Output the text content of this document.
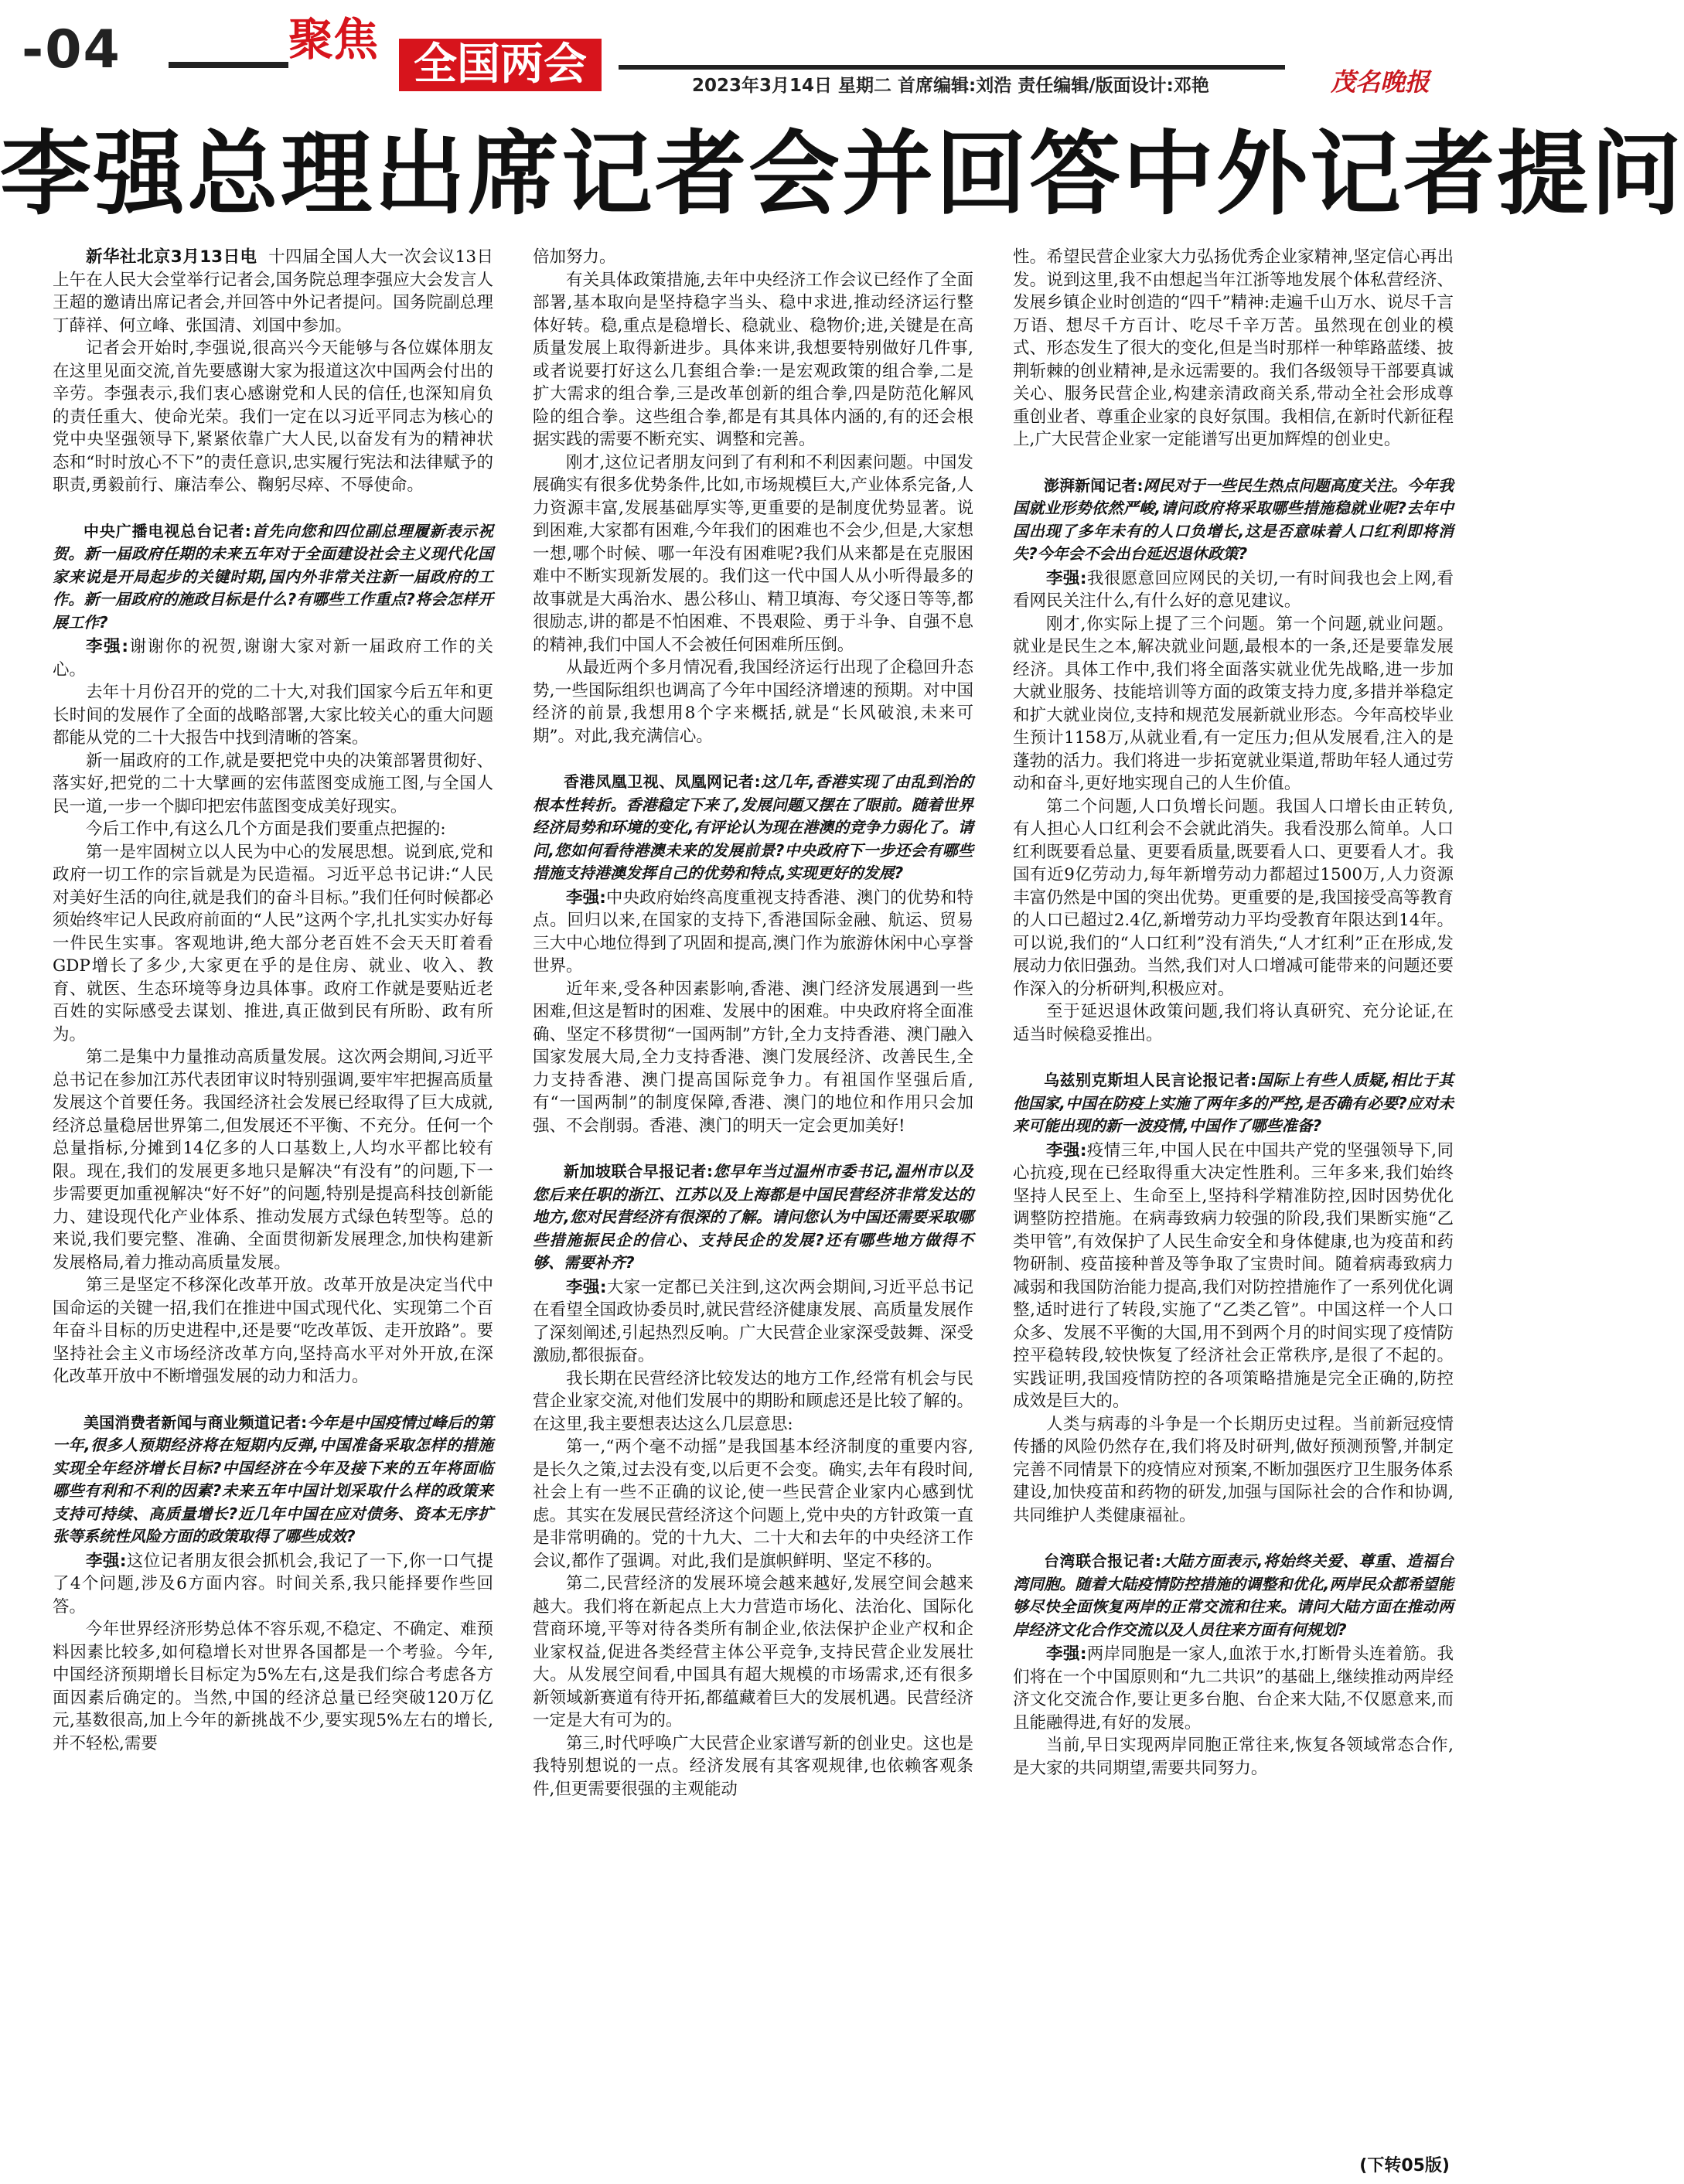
-04	聚焦 全国两会	2023年3月14日 星期二 首席编辑:刘浩 责任编辑/版面设计:邓艳	茂名晚报
李强总理出席记者会并回答中外记者提问

新华社北京3月13日电 十四届全国人大一次会议13日上午在人民大会堂举行记者会,国务院总理李强应大会发言人王超的邀请出席记者会,并回答中外记者提问。国务院副总理丁薛祥、何立峰、张国清、刘国中参加。

记者会开始时,李强说,很高兴今天能够与各位媒体朋友在这里见面交流,首先要感谢大家为报道这次中国两会付出的辛劳。李强表示,我们衷心感谢党和人民的信任,也深知肩负的责任重大、使命光荣。我们一定在以习近平同志为核心的党中央坚强领导下,紧紧依靠广大人民,以奋发有为的精神状态和“时时放心不下”的责任意识,忠实履行宪法和法律赋予的职责,勇毅前行、廉洁奉公、鞠躬尽瘁、不辱使命。

中央广播电视总台记者:首先向您和四位副总理履新表示祝贺。新一届政府任期的未来五年对于全面建设社会主义现代化国家来说是开局起步的关键时期,国内外非常关注新一届政府的工作。新一届政府的施政目标是什么?有哪些工作重点?将会怎样开展工作?

李强:谢谢你的祝贺,谢谢大家对新一届政府工作的关心。

去年十月份召开的党的二十大,对我们国家今后五年和更长时间的发展作了全面的战略部署,大家比较关心的重大问题都能从党的二十大报告中找到清晰的答案。

新一届政府的工作,就是要把党中央的决策部署贯彻好、落实好,把党的二十大擘画的宏伟蓝图变成施工图,与全国人民一道,一步一个脚印把宏伟蓝图变成美好现实。

今后工作中,有这么几个方面是我们要重点把握的:

第一是牢固树立以人民为中心的发展思想。说到底,党和政府一切工作的宗旨就是为民造福。习近平总书记讲:“人民对美好生活的向往,就是我们的奋斗目标。”我们任何时候都必须始终牢记人民政府前面的“人民”这两个字,扎扎实实办好每一件民生实事。客观地讲,绝大部分老百姓不会天天盯着看GDP增长了多少,大家更在乎的是住房、就业、收入、教育、就医、生态环境等身边具体事。政府工作就是要贴近老百姓的实际感受去谋划、推进,真正做到民有所盼、政有所为。

第二是集中力量推动高质量发展。这次两会期间,习近平总书记在参加江苏代表团审议时特别强调,要牢牢把握高质量发展这个首要任务。我国经济社会发展已经取得了巨大成就,经济总量稳居世界第二,但发展还不平衡、不充分。任何一个总量指标,分摊到14亿多的人口基数上,人均水平都比较有限。现在,我们的发展更多地只是解决“有没有”的问题,下一步需要更加重视解决“好不好”的问题,特别是提高科技创新能力、建设现代化产业体系、推动发展方式绿色转型等。总的来说,我们要完整、准确、全面贯彻新发展理念,加快构建新发展格局,着力推动高质量发展。

第三是坚定不移深化改革开放。改革开放是决定当代中国命运的关键一招,我们在推进中国式现代化、实现第二个百年奋斗目标的历史进程中,还是要“吃改革饭、走开放路”。要坚持社会主义市场经济改革方向,坚持高水平对外开放,在深化改革开放中不断增强发展的动力和活力。

美国消费者新闻与商业频道记者:今年是中国疫情过峰后的第一年,很多人预期经济将在短期内反弹,中国准备采取怎样的措施实现全年经济增长目标?中国经济在今年及接下来的五年将面临哪些有利和不利的因素?未来五年中国计划采取什么样的政策来支持可持续、高质量增长?近几年中国在应对债务、资本无序扩张等系统性风险方面的政策取得了哪些成效?

李强:这位记者朋友很会抓机会,我记了一下,你一口气提了4个问题,涉及6方面内容。时间关系,我只能择要作些回答。

今年世界经济形势总体不容乐观,不稳定、不确定、难预料因素比较多,如何稳增长对世界各国都是一个考验。今年,中国经济预期增长目标定为5%左右,这是我们综合考虑各方面因素后确定的。当然,中国的经济总量已经突破120万亿元,基数很高,加上今年的新挑战不少,要实现5%左右的增长,并不轻松,需要

倍加努力。

有关具体政策措施,去年中央经济工作会议已经作了全面部署,基本取向是坚持稳字当头、稳中求进,推动经济运行整体好转。稳,重点是稳增长、稳就业、稳物价;进,关键是在高质量发展上取得新进步。具体来讲,我想要特别做好几件事,或者说要打好这么几套组合拳:一是宏观政策的组合拳,二是扩大需求的组合拳,三是改革创新的组合拳,四是防范化解风险的组合拳。这些组合拳,都是有其具体内涵的,有的还会根据实践的需要不断充实、调整和完善。

刚才,这位记者朋友问到了有利和不利因素问题。中国发展确实有很多优势条件,比如,市场规模巨大,产业体系完备,人力资源丰富,发展基础厚实等,更重要的是制度优势显著。说到困难,大家都有困难,今年我们的困难也不会少,但是,大家想一想,哪个时候、哪一年没有困难呢?我们从来都是在克服困难中不断实现新发展的。我们这一代中国人从小听得最多的故事就是大禹治水、愚公移山、精卫填海、夸父逐日等等,都很励志,讲的都是不怕困难、不畏艰险、勇于斗争、自强不息的精神,我们中国人不会被任何困难所压倒。

从最近两个多月情况看,我国经济运行出现了企稳回升态势,一些国际组织也调高了今年中国经济增速的预期。对中国经济的前景,我想用8个字来概括,就是“长风破浪,未来可期”。对此,我充满信心。

香港凤凰卫视、凤凰网记者:这几年,香港实现了由乱到治的根本性转折。香港稳定下来了,发展问题又摆在了眼前。随着世界经济局势和环境的变化,有评论认为现在港澳的竞争力弱化了。请问,您如何看待港澳未来的发展前景?中央政府下一步还会有哪些措施支持港澳发挥自己的优势和特点,实现更好的发展?

李强:中央政府始终高度重视支持香港、澳门的优势和特点。回归以来,在国家的支持下,香港国际金融、航运、贸易三大中心地位得到了巩固和提高,澳门作为旅游休闲中心享誉世界。

近年来,受各种因素影响,香港、澳门经济发展遇到一些困难,但这是暂时的困难、发展中的困难。中央政府将全面准确、坚定不移贯彻“一国两制”方针,全力支持香港、澳门融入国家发展大局,全力支持香港、澳门发展经济、改善民生,全力支持香港、澳门提高国际竞争力。有祖国作坚强后盾,有“一国两制”的制度保障,香港、澳门的地位和作用只会加强、不会削弱。香港、澳门的明天一定会更加美好!

新加坡联合早报记者:您早年当过温州市委书记,温州市以及您后来任职的浙江、江苏以及上海都是中国民营经济非常发达的地方,您对民营经济有很深的了解。请问您认为中国还需要采取哪些措施振民企的信心、支持民企的发展?还有哪些地方做得不够、需要补齐?

李强:大家一定都已关注到,这次两会期间,习近平总书记在看望全国政协委员时,就民营经济健康发展、高质量发展作了深刻阐述,引起热烈反响。广大民营企业家深受鼓舞、深受激励,都很振奋。

我长期在民营经济比较发达的地方工作,经常有机会与民营企业家交流,对他们发展中的期盼和顾虑还是比较了解的。在这里,我主要想表达这么几层意思:

第一,“两个毫不动摇”是我国基本经济制度的重要内容,是长久之策,过去没有变,以后更不会变。确实,去年有段时间,社会上有一些不正确的议论,使一些民营企业家内心感到忧虑。其实在发展民营经济这个问题上,党中央的方针政策一直是非常明确的。党的十九大、二十大和去年的中央经济工作会议,都作了强调。对此,我们是旗帜鲜明、坚定不移的。

第二,民营经济的发展环境会越来越好,发展空间会越来越大。我们将在新起点上大力营造市场化、法治化、国际化营商环境,平等对待各类所有制企业,依法保护企业产权和企业家权益,促进各类经营主体公平竞争,支持民营企业发展壮大。从发展空间看,中国具有超大规模的市场需求,还有很多新领域新赛道有待开拓,都蕴藏着巨大的发展机遇。民营经济一定是大有可为的。

第三,时代呼唤广大民营企业家谱写新的创业史。这也是我特别想说的一点。经济发展有其客观规律,也依赖客观条件,但更需要很强的主观能动

性。希望民营企业家大力弘扬优秀企业家精神,坚定信心再出发。说到这里,我不由想起当年江浙等地发展个体私营经济、发展乡镇企业时创造的“四千”精神:走遍千山万水、说尽千言万语、想尽千方百计、吃尽千辛万苦。虽然现在创业的模式、形态发生了很大的变化,但是当时那样一种筚路蓝缕、披荆斩棘的创业精神,是永远需要的。我们各级领导干部要真诚关心、服务民营企业,构建亲清政商关系,带动全社会形成尊重创业者、尊重企业家的良好氛围。我相信,在新时代新征程上,广大民营企业家一定能谱写出更加辉煌的创业史。

澎湃新闻记者:网民对于一些民生热点问题高度关注。今年我国就业形势依然严峻,请问政府将采取哪些措施稳就业呢?去年中国出现了多年未有的人口负增长,这是否意味着人口红利即将消失?今年会不会出台延迟退休政策?

李强:我很愿意回应网民的关切,一有时间我也会上网,看看网民关注什么,有什么好的意见建议。

刚才,你实际上提了三个问题。第一个问题,就业问题。就业是民生之本,解决就业问题,最根本的一条,还是要靠发展经济。具体工作中,我们将全面落实就业优先战略,进一步加大就业服务、技能培训等方面的政策支持力度,多措并举稳定和扩大就业岗位,支持和规范发展新就业形态。今年高校毕业生预计1158万,从就业看,有一定压力;但从发展看,注入的是蓬勃的活力。我们将进一步拓宽就业渠道,帮助年轻人通过劳动和奋斗,更好地实现自己的人生价值。

第二个问题,人口负增长问题。我国人口增长由正转负,有人担心人口红利会不会就此消失。我看没那么简单。人口红利既要看总量、更要看质量,既要看人口、更要看人才。我国有近9亿劳动力,每年新增劳动力都超过1500万,人力资源丰富仍然是中国的突出优势。更重要的是,我国接受高等教育的人口已超过2.4亿,新增劳动力平均受教育年限达到14年。可以说,我们的“人口红利”没有消失,“人才红利”正在形成,发展动力依旧强劲。当然,我们对人口增减可能带来的问题还要作深入的分析研判,积极应对。

至于延迟退休政策问题,我们将认真研究、充分论证,在适当时候稳妥推出。

乌兹别克斯坦人民言论报记者:国际上有些人质疑,相比于其他国家,中国在防疫上实施了两年多的严控,是否确有必要?应对未来可能出现的新一波疫情,中国作了哪些准备?

李强:疫情三年,中国人民在中国共产党的坚强领导下,同心抗疫,现在已经取得重大决定性胜利。三年多来,我们始终坚持人民至上、生命至上,坚持科学精准防控,因时因势优化调整防控措施。在病毒致病力较强的阶段,我们果断实施“乙类甲管”,有效保护了人民生命安全和身体健康,也为疫苗和药物研制、疫苗接种普及等争取了宝贵时间。随着病毒致病力减弱和我国防治能力提高,我们对防控措施作了一系列优化调整,适时进行了转段,实施了“乙类乙管”。中国这样一个人口众多、发展不平衡的大国,用不到两个月的时间实现了疫情防控平稳转段,较快恢复了经济社会正常秩序,是很了不起的。实践证明,我国疫情防控的各项策略措施是完全正确的,防控成效是巨大的。

人类与病毒的斗争是一个长期历史过程。当前新冠疫情传播的风险仍然存在,我们将及时研判,做好预测预警,并制定完善不同情景下的疫情应对预案,不断加强医疗卫生服务体系建设,加快疫苗和药物的研发,加强与国际社会的合作和协调,共同维护人类健康福祉。

台湾联合报记者:大陆方面表示,将始终关爱、尊重、造福台湾同胞。随着大陆疫情防控措施的调整和优化,两岸民众都希望能够尽快全面恢复两岸的正常交流和往来。请问大陆方面在推动两岸经济文化合作交流以及人员往来方面有何规划?

李强:两岸同胞是一家人,血浓于水,打断骨头连着筋。我们将在一个中国原则和“九二共识”的基础上,继续推动两岸经济文化交流合作,要让更多台胞、台企来大陆,不仅愿意来,而且能融得进,有好的发展。

当前,早日实现两岸同胞正常往来,恢复各领域常态合作,是大家的共同期望,需要共同努力。

(下转05版)
